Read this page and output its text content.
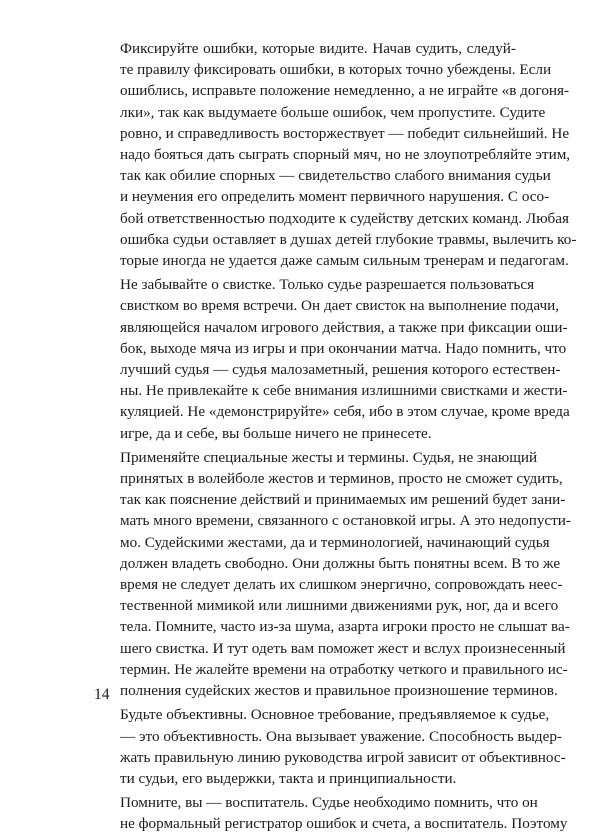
Фиксируйте ошибки, которые видите. Начав судить, следуй-
те правилу фиксировать ошибки, в которых точно убеждены. Если
ошиблись, исправьте положение немедленно, а не играйте «в догоня-
лки», так как выдумаете больше ошибок, чем пропустите. Судите
ровно, и справедливость восторжествует — победит сильнейший. Не
надо бояться дать сыграть спорный мяч, но не злоупотребляйте этим,
так как обилие спорных — свидетельство слабого внимания судьи
и неумения его определить момент первичного нарушения. С осо-
бой ответственностью подходите к судейству детских команд. Любая
ошибка судьи оставляет в душах детей глубокие травмы, вылечить ко-
торые иногда не удается даже самым сильным тренерам и педагогам.

Не забывайте о свистке. Только судье разрешается пользоваться
свистком во время встречи. Он дает свисток на выполнение подачи,
являющейся началом игрового действия, а также при фиксации оши-
бок, выходе мяча из игры и при окончании матча. Надо помнить, что
лучший судья — судья малозаметный, решения которого естествен-
ны. Не привлекайте к себе внимания излишними свистками и жести-
куляцией. Не «демонстрируйте» себя, ибо в этом случае, кроме вреда
игре, да и себе, вы больше ничего не принесете.

Применяйте специальные жесты и термины. Судья, не знающий
принятых в волейболе жестов и терминов, просто не сможет судить,
так как пояснение действий и принимаемых им решений будет зани-
мать много времени, связанного с остановкой игры. А это недопусти-
мо. Судейскими жестами, да и терминологией, начинающий судья
должен владеть свободно. Они должны быть понятны всем. В то же
время не следует делать их слишком энергично, сопровождать неес-
тественной мимикой или лишними движениями рук, ног, да и всего
тела. Помните, часто из-за шума, азарта игроки просто не слышат ва-
шего свистка. И тут одеть вам поможет жест и вслух произнесенный
термин. Не жалейте времени на отработку четкого и правильного ис-
полнения судейских жестов и правильное произношение терминов.

Будьте объективны. Основное требование, предъявляемое к судье,
— это объективность. Она вызывает уважение. Способность выдер-
жать правильную линию руководства игрой зависит от объективнос-
ти судьи, его выдержки, такта и принципиальности.

Помните, вы — воспитатель. Судье необходимо помнить, что он
не формальный регистратор ошибок и счета, а воспитатель. Поэтому

14
